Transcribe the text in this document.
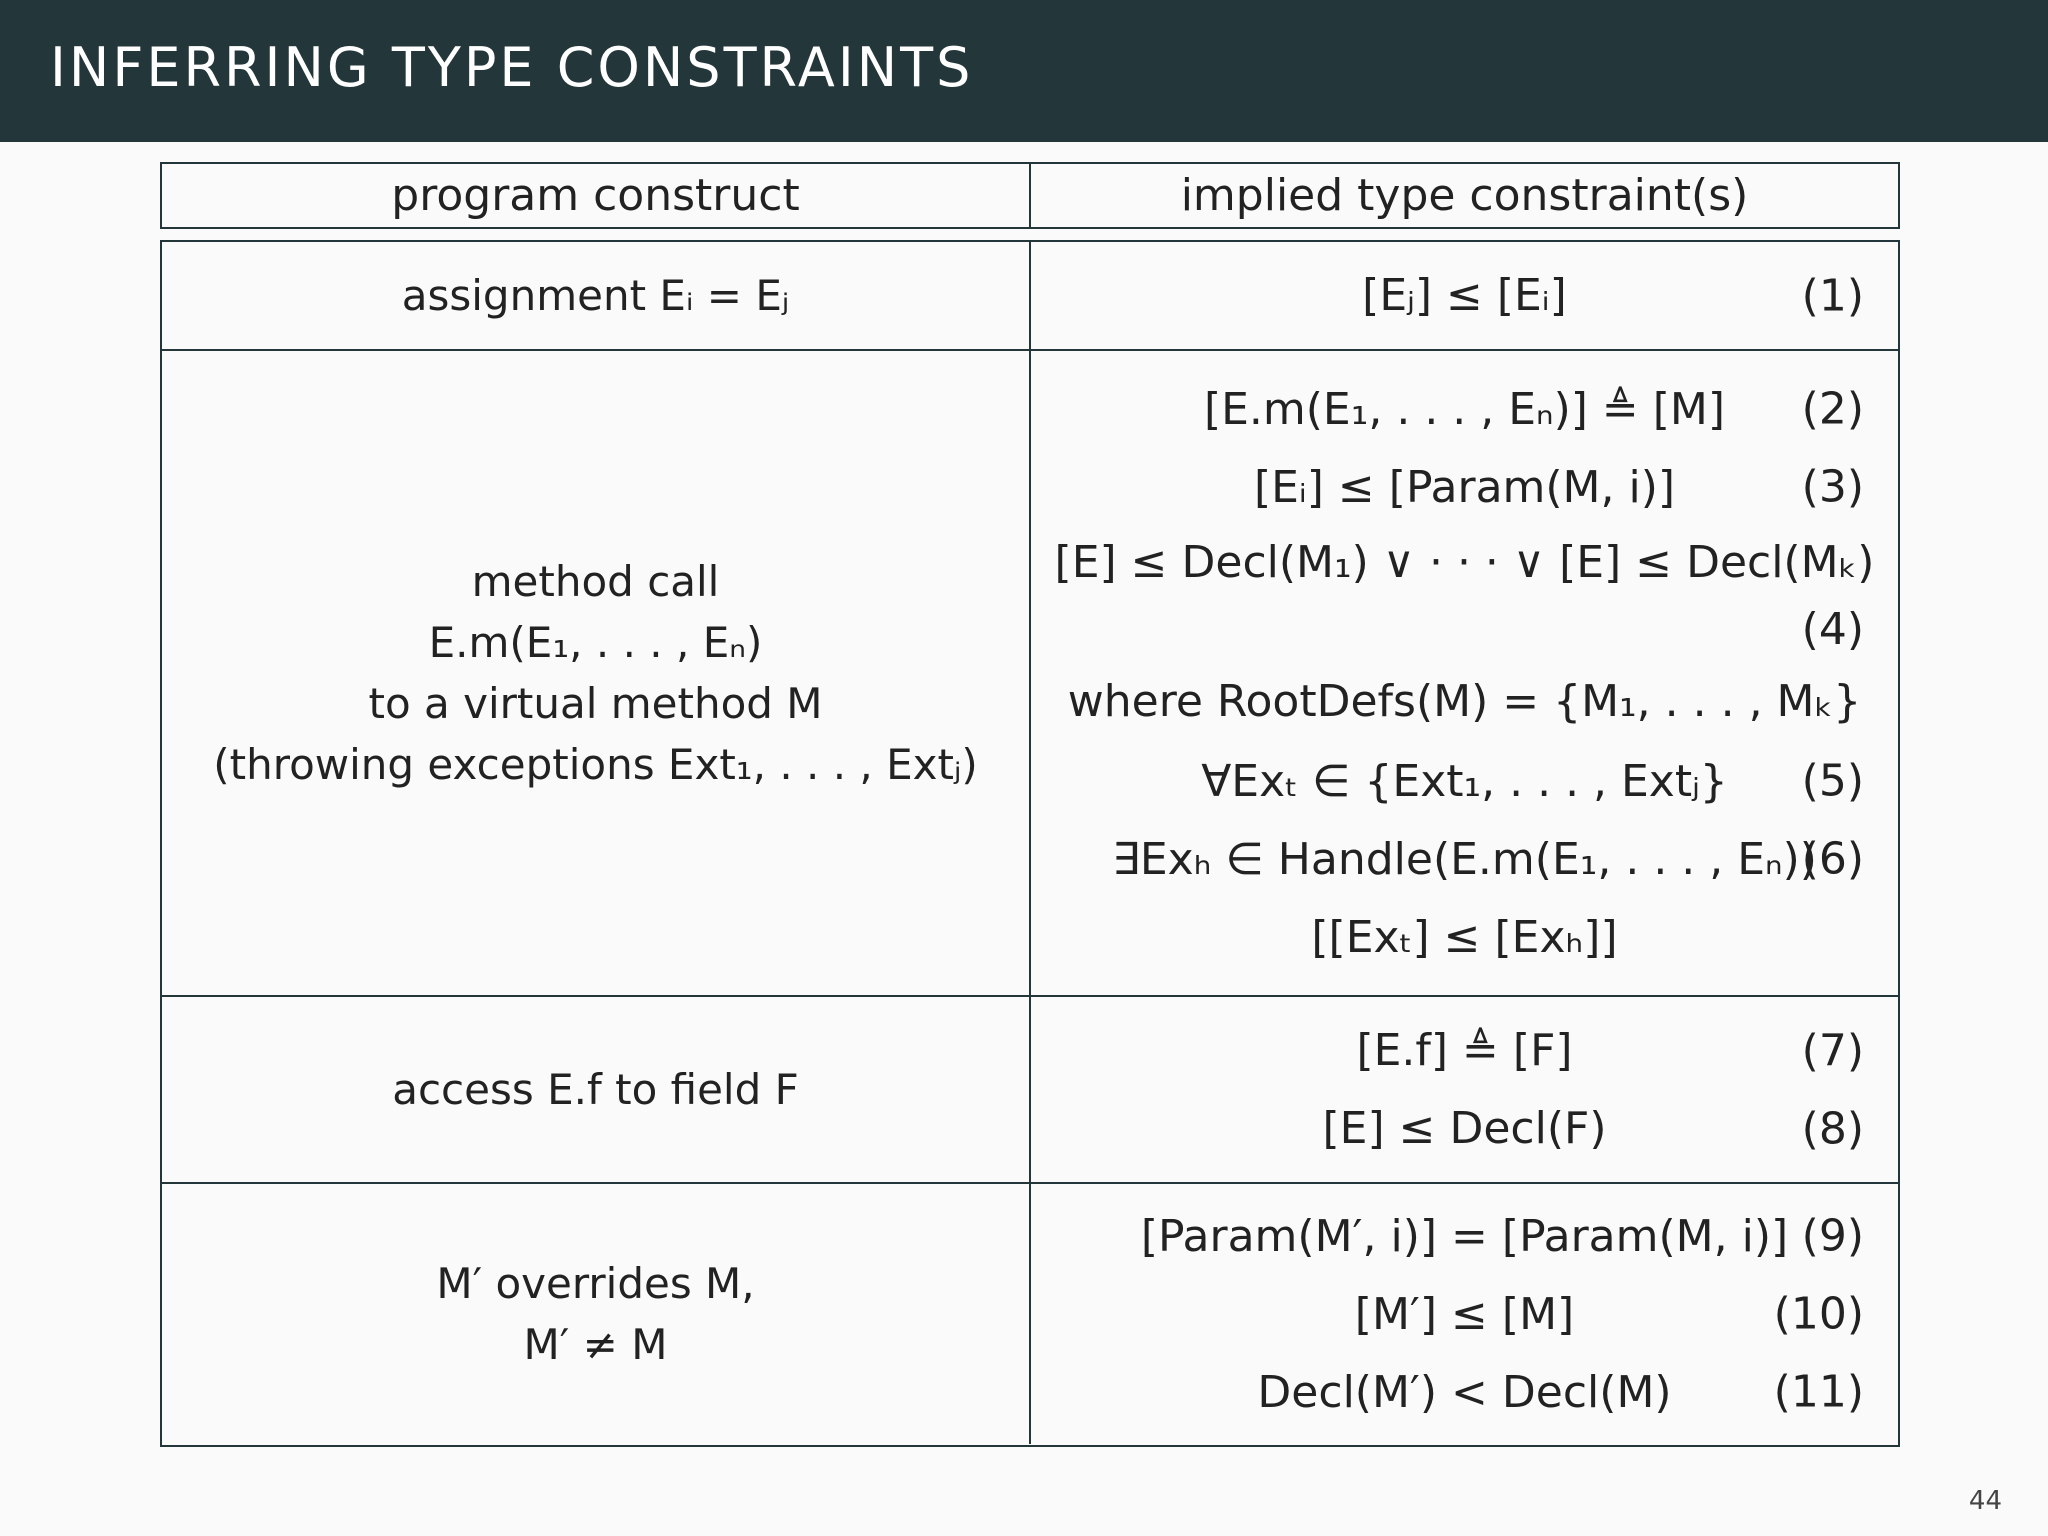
INFERRING TYPE CONSTRAINTS
program construct	implied type constraint(s)
assignment Eᵢ = Eⱼ	[Eⱼ] ≤ [Eᵢ]	(1)
method call
E.m(E₁, . . . , Eₙ)
to a virtual method M
(throwing exceptions Ext₁, . . . , Extⱼ)
[E.m(E₁, . . . , Eₙ)] ≜ [M] (2)
[Eᵢ] ≤ [Param(M, i)]	(3)
[E] ≤ Decl(M₁) ∨ · · · ∨ [E] ≤ Decl(Mₖ)
(4)
where RootDefs(M) = {M₁, . . . , Mₖ}
∀Exₜ ∈ {Ext₁, . . . , Extⱼ} (5)
∃Exₕ ∈ Handle(E.m(E₁, . . . , Eₙ))
(6)
[[Exₜ] ≤ [Exₕ]]
access E.f to field F
[E.f] ≜ [F]	(7)
[E] ≤ Decl(F)	(8)
M′ overrides M,
M′ ≠ M
[Param(M′, i)] = [Param(M, i)] (9)
[M′] ≤ [M]	(10)
Decl(M′) < Decl(M) (11)
44
